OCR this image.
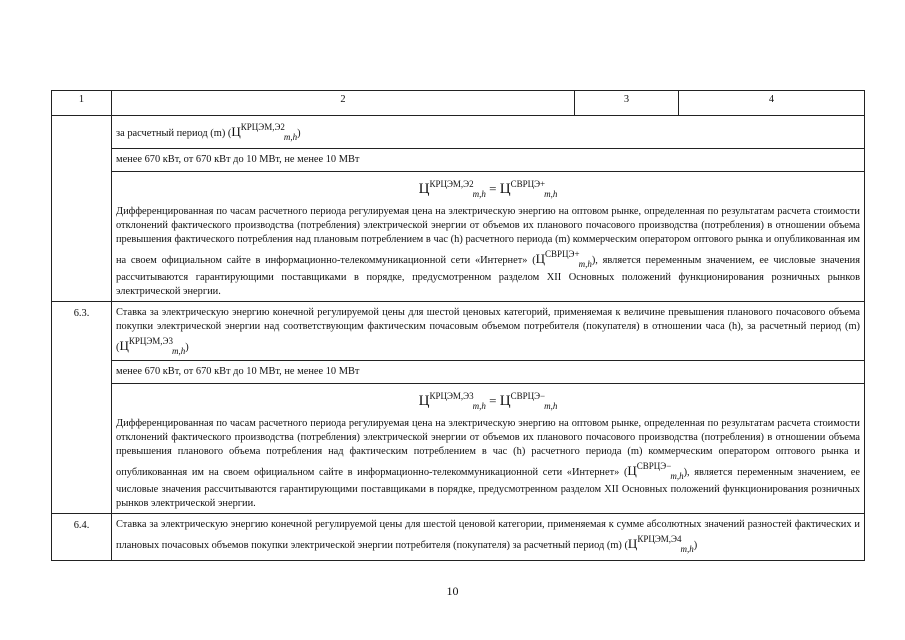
1	2	3	4
	за расчетный период (m) (ЦКРЦЭМ,Э2m,h)		
	менее 670 кВт, от 670 кВт до 10 МВт, не менее 10 МВт		

	$Ц^{КРЦЭМ,Э2}_{m,h} = Ц^{СВРЦЭ+}_{m,h}$
Дифференцированная по часам расчетного периода регулируемая цена на электрическую энергию на оптовом рынке, определенная по результатам расчета стоимости отклонений фактического производства (потребления) электрической энергии от объемов их планового почасового производства (потребления) в отношении объема превышения фактического потребления над плановым потреблением в час (h) расчетного периода (m) коммерческим оператором оптового рынка и опубликованная им на своем официальном сайте в информационно-телекоммуникационной сети «Интернет» (ЦСВРЦЭ+m,h), является переменным значением, ее числовые значения рассчитываются гарантирующими поставщиками в порядке, предусмотренном разделом XII Основных положений функционирования розничных рынков электрической энергии.		
6.3.	Ставка за электрическую энергию конечной регулируемой цены для шестой ценовых категорий, применяемая к величине превышения планового почасового объема покупки электрической энергии над соответствующим фактическим почасовым объемом потребителя (покупателя) в отношении часа (h), за расчетный период (m) (ЦКРЦЭМ,Э3m,h)		
	менее 670 кВт, от 670 кВт до 10 МВт, не менее 10 МВт		

	$Ц^{КРЦЭМ,Э3}_{m,h} = Ц^{СВРЦЭ-}_{m,h}$
Дифференцированная по часам расчетного периода регулируемая цена на электрическую энергию на оптовом рынке, определенная по результатам расчета стоимости отклонений фактического производства (потребления) электрической энергии от объемов их планового почасового производства (потребления) в отношении объема превышения планового объема потребления над фактическим потреблением в час (h) расчетного периода (m) коммерческим оператором оптового рынка и опубликованная им на своем официальном сайте в информационно-телекоммуникационной сети «Интернет» (ЦСВРЦЭ−m,h), является переменным значением, ее числовые значения рассчитываются гарантирующими поставщиками в порядке, предусмотренном разделом XII Основных положений функционирования розничных рынков электрической энергии.		
6.4.	Ставка за электрическую энергию конечной регулируемой цены для шестой ценовой категории, применяемая к сумме абсолютных значений разностей фактических и плановых почасовых объемов покупки электрической энергии потребителя (покупателя) за расчетный период (m) (ЦКРЦЭМ,Э4m,h)		
10
